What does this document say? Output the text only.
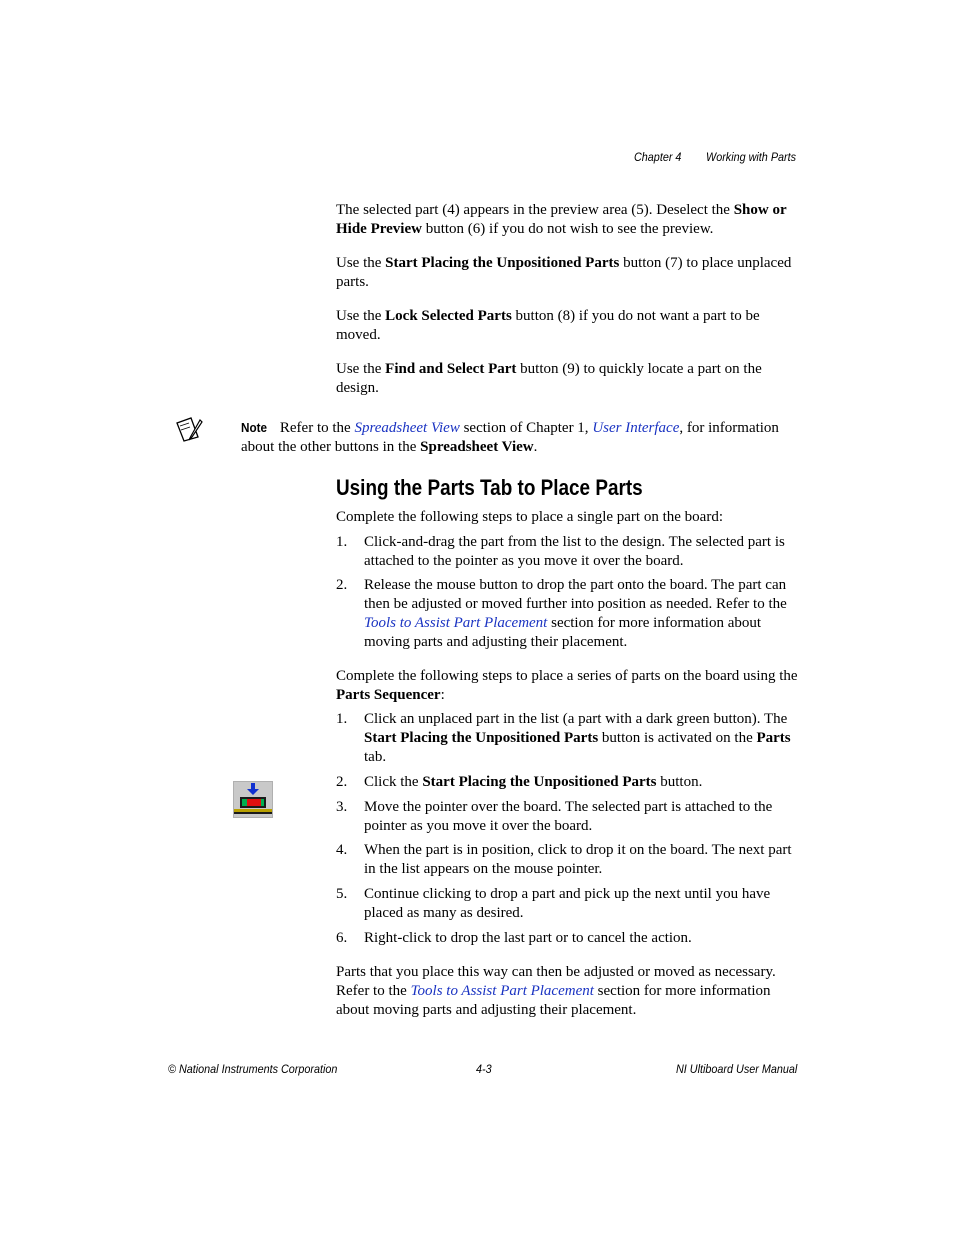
Chapter 4 Working with Parts

The selected part (4) appears in the preview area (5). Deselect the Show or Hide Preview button (6) if you do not wish to see the preview.

Use the Start Placing the Unpositioned Parts button (7) to place unplaced parts.

Use the Lock Selected Parts button (8) if you do not want a part to be moved.

Use the Find and Select Part button (9) to quickly locate a part on the design.

Note Refer to the Spreadsheet View section of Chapter 1, User Interface, for information about the other buttons in the Spreadsheet View.

Using the Parts Tab to Place Parts

Complete the following steps to place a single part on the board:

1. Click-and-drag the part from the list to the design. The selected part is attached to the pointer as you move it over the board.
2. Release the mouse button to drop the part onto the board. The part can then be adjusted or moved further into position as needed. Refer to the Tools to Assist Part Placement section for more information about moving parts and adjusting their placement.

Complete the following steps to place a series of parts on the board using the Parts Sequencer:

1. Click an unplaced part in the list (a part with a dark green button). The Start Placing the Unpositioned Parts button is activated on the Parts tab.
2. Click the Start Placing the Unpositioned Parts button.
3. Move the pointer over the board. The selected part is attached to the pointer as you move it over the board.
4. When the part is in position, click to drop it on the board. The next part in the list appears on the mouse pointer.
5. Continue clicking to drop a part and pick up the next until you have placed as many as desired.
6. Right-click to drop the last part or to cancel the action.

Parts that you place this way can then be adjusted or moved as necessary. Refer to the Tools to Assist Part Placement section for more information about moving parts and adjusting their placement.

© National Instruments Corporation	4-3	NI Ultiboard User Manual
